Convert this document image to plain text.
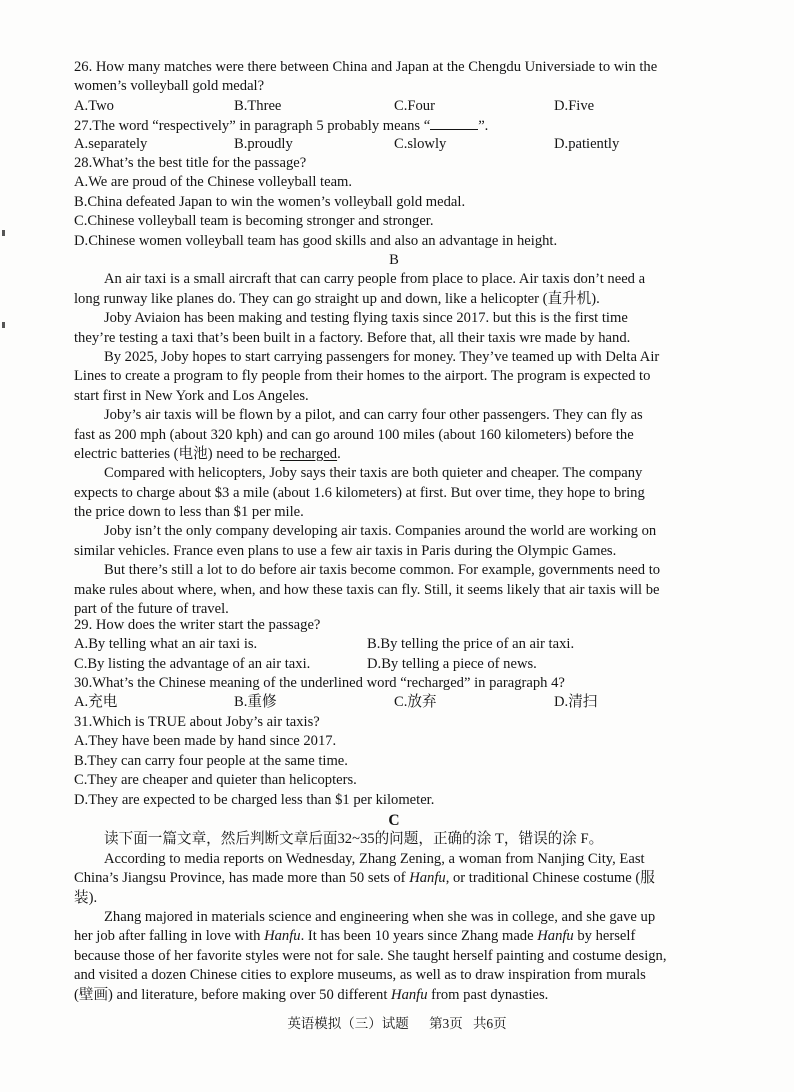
26. How many matches were there between China and Japan at the Chengdu Universiade to win the
women’s volleyball gold medal?
A.Two	B.Three	C.Four	D.Five
27.The word “respectively” in paragraph 5 probably means “	”.
A.separately	B.proudly	C.slowly	D.patiently
28.What’s the best title for the passage?
A.We are proud of the Chinese volleyball team.
B.China defeated Japan to win the women’s volleyball gold medal.
C.Chinese volleyball team is becoming stronger and stronger.
D.Chinese women volleyball team has good skills and also an advantage in height.
B
An air taxi is a small aircraft that can carry people from place to place. Air taxis don’t need a
long runway like planes do. They can go straight up and down, like a helicopter (直升机).
Joby Aviaion has been making and testing flying taxis since 2017. but this is the first time
they’re testing a taxi that’s been built in a factory. Before that, all their taxis wre made by hand.
By 2025, Joby hopes to start carrying passengers for money. They’ve teamed up with Delta Air
Lines to create a program to fly people from their homes to the airport. The program is expected to
start first in New York and Los Angeles.
Joby’s air taxis will be flown by a pilot, and can carry four other passengers. They can fly as
fast as 200 mph (about 320 kph) and can go around 100 miles (about 160 kilometers) before the
electric batteries (电池) need to be recharged.
Compared with helicopters, Joby says their taxis are both quieter and cheaper. The company
expects to charge about $3 a mile (about 1.6 kilometers) at first. But over time, they hope to bring
the price down to less than $1 per mile.
Joby isn’t the only company developing air taxis. Companies around the world are working on
similar vehicles. France even plans to use a few air taxis in Paris during the Olympic Games.
But there’s still a lot to do before air taxis become common. For example, governments need to
make rules about where, when, and how these taxis can fly. Still, it seems likely that air taxis will be
part of the future of travel.
29. How does the writer start the passage?
A.By telling what an air taxi is.	B.By telling the price of an air taxi.
C.By listing the advantage of an air taxi.	D.By telling a piece of news.
30.What’s the Chinese meaning of the underlined word “recharged” in paragraph 4?
A.充电	B.重修	C.放弃	D.清扫
31.Which is TRUE about Joby’s air taxis?
A.They have been made by hand since 2017.
B.They can carry four people at the same time.
C.They are cheaper and quieter than helicopters.
D.They are expected to be charged less than $1 per kilometer.
C
读下面一篇文章，然后判断文章后面32~35的问题，正确的涂 T，错误的涂 F。
According to media reports on Wednesday, Zhang Zening, a woman from Nanjing City, East
China’s Jiangsu Province, has made more than 50 sets of Hanfu, or traditional Chinese costume (服
装).
Zhang majored in materials science and engineering when she was in college, and she gave up
her job after falling in love with Hanfu. It has been 10 years since Zhang made Hanfu by herself
because those of her favorite styles were not for sale. She taught herself painting and costume design,
and visited a dozen Chinese cities to explore museums, as well as to draw inspiration from murals
(壁画) and literature, before making over 50 different Hanfu from past dynasties.
英语模拟（三）试题 第3页 共6页
